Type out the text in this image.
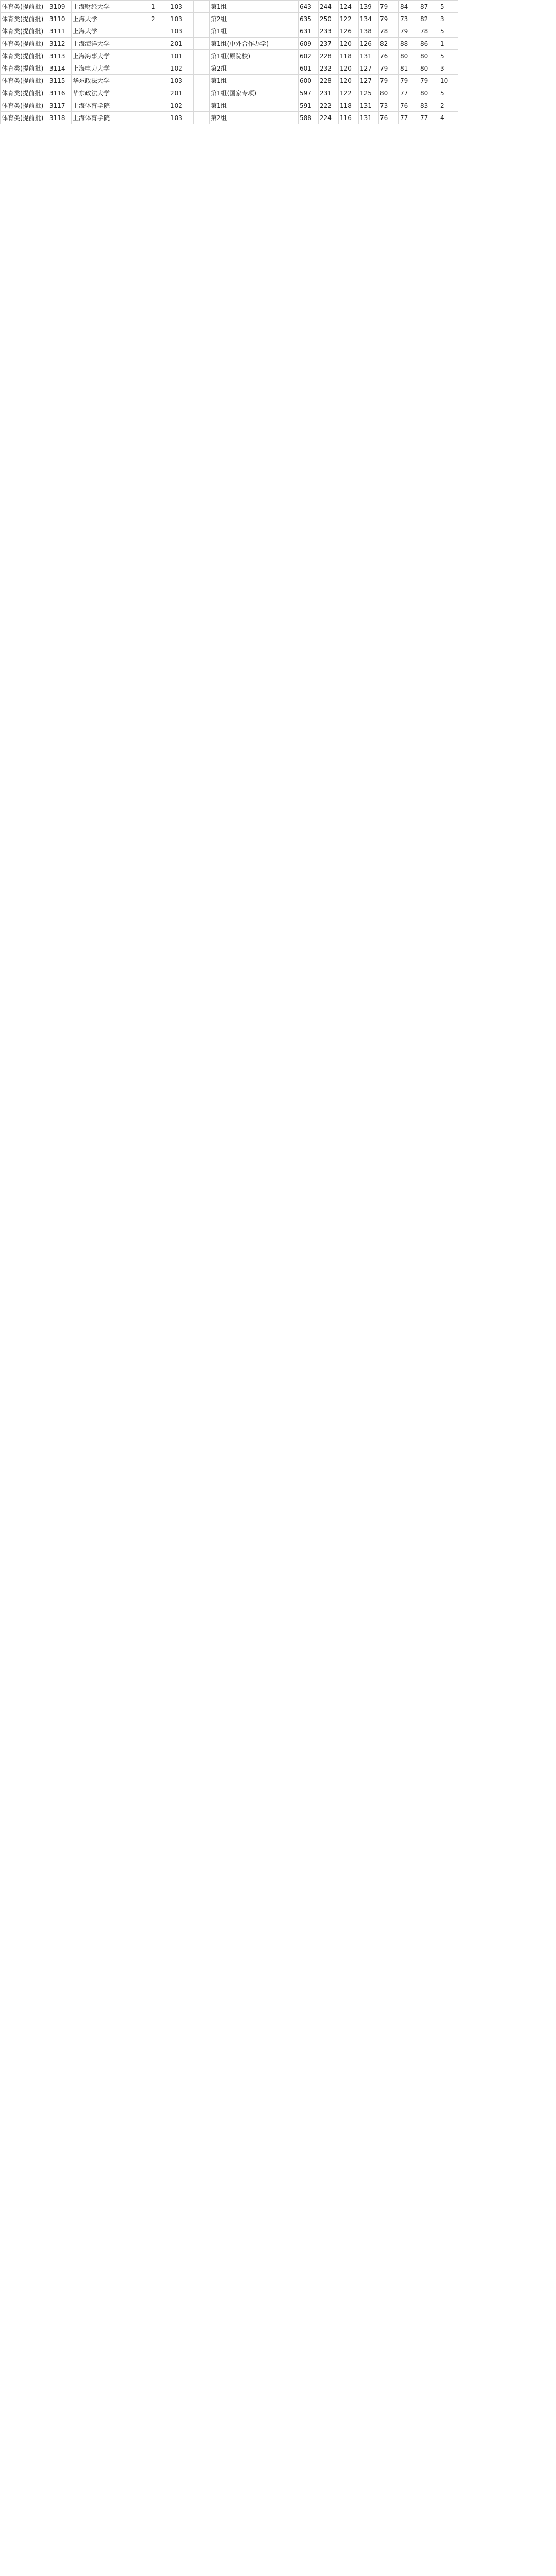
体育类(提前批)	3109	上海财经大学	1	103		第1组	643	244	124	139	79	84	87	5
体育类(提前批)	3110	上海大学	2	103		第2组	635	250	122	134	79	73	82	3
体育类(提前批)	3111	上海大学		103		第1组	631	233	126	138	78	79	78	5
体育类(提前批)	3112	上海海洋大学		201		第1组(中外合作办学)	609	237	120	126	82	88	86	1
体育类(提前批)	3113	上海海事大学		101		第1组(原院校)	602	228	118	131	76	80	80	5
体育类(提前批)	3114	上海电力大学		102		第2组	601	232	120	127	79	81	80	3
体育类(提前批)	3115	华东政法大学		103		第1组	600	228	120	127	79	79	79	10
体育类(提前批)	3116	华东政法大学		201		第1组(国家专项)	597	231	122	125	80	77	80	5
体育类(提前批)	3117	上海体育学院		102		第1组	591	222	118	131	73	76	83	2
体育类(提前批)	3118	上海体育学院		103		第2组	588	224	116	131	76	77	77	4
